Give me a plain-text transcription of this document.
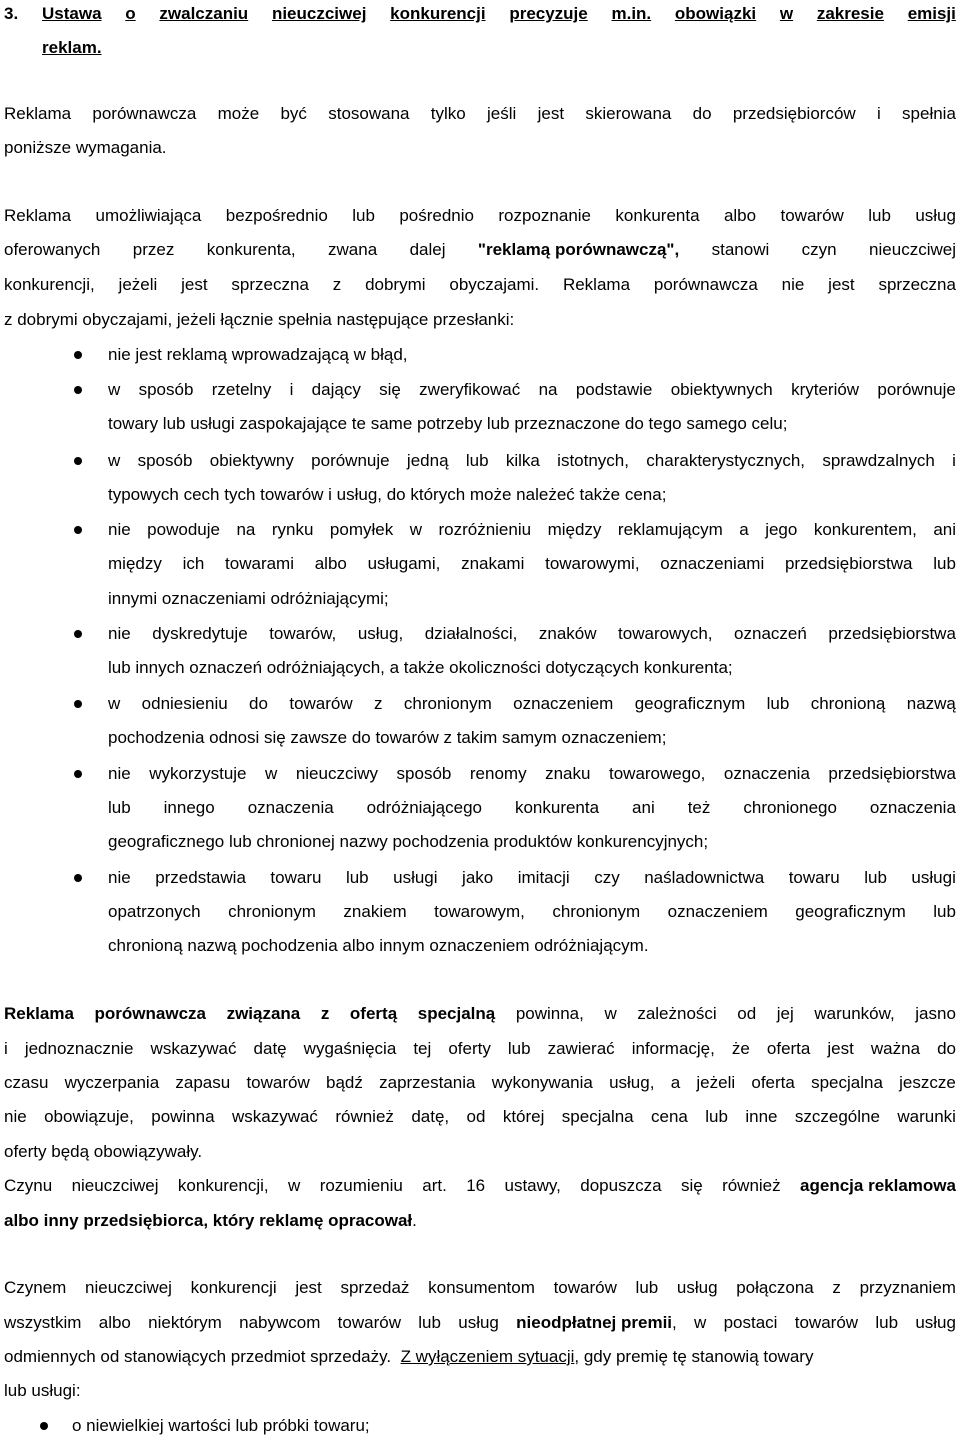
3.	Ustawa o zwalczaniu nieuczciwej konkurencji precyzuje m.in. obowiązki w zakresie emisji
reklam.
Reklama porównawcza może być stosowana tylko jeśli jest skierowana do przedsiębiorców i spełnia
poniższe wymagania.
Reklama umożliwiająca bezpośrednio lub pośrednio rozpoznanie konkurenta albo towarów lub usług
oferowanych przez konkurenta, zwana dalej "reklamą porównawczą", stanowi czyn nieuczciwej
konkurencji, jeżeli jest sprzeczna z dobrymi obyczajami. Reklama porównawcza nie jest sprzeczna
z dobrymi obyczajami, jeżeli łącznie spełnia następujące przesłanki:
nie jest reklamą wprowadzającą w błąd,
w sposób rzetelny i dający się zweryfikować na podstawie obiektywnych kryteriów porównuje
towary lub usługi zaspokajające te same potrzeby lub przeznaczone do tego samego celu;
w sposób obiektywny porównuje jedną lub kilka istotnych, charakterystycznych, sprawdzalnych i
typowych cech tych towarów i usług, do których może należeć także cena;
nie powoduje na rynku pomyłek w rozróżnieniu między reklamującym a jego konkurentem, ani
między ich towarami albo usługami, znakami towarowymi, oznaczeniami przedsiębiorstwa lub
innymi oznaczeniami odróżniającymi;
nie dyskredytuje towarów, usług, działalności, znaków towarowych, oznaczeń przedsiębiorstwa
lub innych oznaczeń odróżniających, a także okoliczności dotyczących konkurenta;
w odniesieniu do towarów z chronionym oznaczeniem geograficznym lub chronioną nazwą
pochodzenia odnosi się zawsze do towarów z takim samym oznaczeniem;
nie wykorzystuje w nieuczciwy sposób renomy znaku towarowego, oznaczenia przedsiębiorstwa
lub innego oznaczenia odróżniającego konkurenta ani też chronionego oznaczenia
geograficznego lub chronionej nazwy pochodzenia produktów konkurencyjnych;
nie przedstawia towaru lub usługi jako imitacji czy naśladownictwa towaru lub usługi
opatrzonych chronionym znakiem towarowym, chronionym oznaczeniem geograficznym lub
chronioną nazwą pochodzenia albo innym oznaczeniem odróżniającym.
Reklama porównawcza związana z ofertą specjalną powinna, w zależności od jej warunków, jasno
i jednoznacznie wskazywać datę wygaśnięcia tej oferty lub zawierać informację, że oferta jest ważna do
czasu wyczerpania zapasu towarów bądź zaprzestania wykonywania usług, a jeżeli oferta specjalna jeszcze
nie obowiązuje, powinna wskazywać również datę, od której specjalna cena lub inne szczególne warunki
oferty będą obowiązywały.
Czynu nieuczciwej konkurencji, w rozumieniu art. 16 ustawy, dopuszcza się również agencja reklamowa
albo inny przedsiębiorca, który reklamę opracował.
Czynem nieuczciwej konkurencji jest sprzedaż konsumentom towarów lub usług połączona z przyznaniem
wszystkim albo niektórym nabywcom towarów lub usług nieodpłatnej premii, w postaci towarów lub usług
odmiennych od stanowiących przedmiot sprzedaży. Z wyłączeniem sytuacji, gdy premię tę stanowią towary
lub usługi:
o niewielkiej wartości lub próbki towaru;
